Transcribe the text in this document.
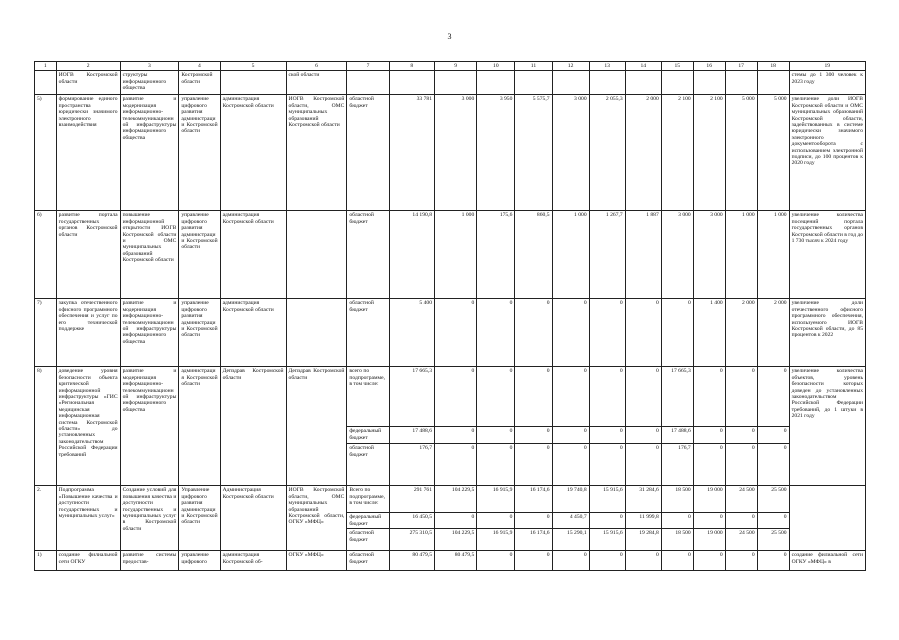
3
1	2	3	4	5	6	7	8	9	10	11	12	13	14	15	16	17	18	19
	ИОГВ Костромской области	структуры информационного общества	Костромской области		ской области													стемы до 1 300 человек к 2023 году
5)	формирование единого пространства юридически значимого электронного взаимодействия	развитие и модернизация информационно-телекоммуникационной инфраструктуры информационного общества	управление цифрового развития администрации Костромской области	администрация Костромской области	ИОГВ Костромской области, ОМС муниципальных образований Костромской области	областной бюджет	33 781	3 000	3 950	5 575,7	3 000	2 055,3	2 000	2 100	2 100	5 000	5 000	увеличение доли ИОГВ Костромской области и ОМС муниципальных образований Костромской области, задействованных в системе юридически значимого электронного документооборота с использованием электронной подписи, до 100 процентов к 2020 году
6)	развитие портала государственных органов Костромской области	повышение информационной открытости ИОГВ Костромской области и ОМС муниципальных образований Костромской области	управление цифрового развития администрации Костромской области	администрация Костромской области		областной бюджет	14 190,8	1 000	175,6	860,5	1 000	1 267,7	1 887	3 000	3 000	1 000	1 000	увеличение количества посещений портала государственных органов Костромской области в год до 1 730 тысяч к 2024 году
7)	закупка отечественного офисного программного обеспечения и услуг по его технической поддержке	развитие и модернизация информационно-телекоммуникационной инфраструктуры информационного общества	управление цифрового развития администрации Костромской области	администрация Костромской области		областной бюджет	5 400	0	0	0	0	0	0	0	1 400	2 000	2 000	увеличение доли отечественного офисного программного обеспечения, используемого ИОГВ Костромской области, до 85 процентов к 2022
8)	доведение уровня безопасности объекта критической информационной инфраструктуры «ГИС «Региональная медицинская информационная система Костромской области» до установленных законодательством Российской Федерации требований	развитие и модернизация информационно-телекоммуникационной инфраструктуры информационного общества	администрация Костромской области	Депздрав Костромской области	Депздрав Костромской области	всего по подпрограмме, в том числе:	17 665,3	0	0	0	0	0	0	17 665,3	0	0	0	увеличение количества объектов, уровень безопасности которых доведен до установленных законодательством Российской Федерации требований, до 1 штуки в 2021 году
						федеральный бюджет	17 488,6	0	0	0	0	0	0	17 488,6	0	0	0	
						областной бюджет	176,7	0	0	0	0	0	0	176,7	0	0	0	
2.	Подпрограмма «Повышение качества и доступности государственных и муниципальных услуг»	Создание условий для повышения качества и доступности государственных и муниципальных услуг в Костромской области	Управление цифрового развития администрации Костромской области	Администрация Костромской области	ИОГВ Костромской области, ОМС муниципальных образований Костромской области, ОГКУ «МФЦ»	Всего по подпрограмме, в том числе:	291 761	104 229,5	16 915,9	16 174,6	19 740,8	15 915,6	31 284,6	18 500	19 000	24 500	25 500	
						федеральный бюджет	16 450,5	0	0	0	4 450,7	0	11 999,8	0	0	0	0	
						областной бюджет	275 310,5	104 229,5	16 915,9	16 174,6	15 290,1	15 915,6	19 284,8	18 500	19 000	24 500	25 500	
1)	создание филиальной сети ОГКУ	развитие системы предостав-	управление цифрового	администрация Костромской об-	ОГКУ «МФЦ»	областной бюджет	80 479,5	80 479,5	0	0	0	0	0	0	0	0	0	создание филиальной сети ОГКУ «МФЦ» в
